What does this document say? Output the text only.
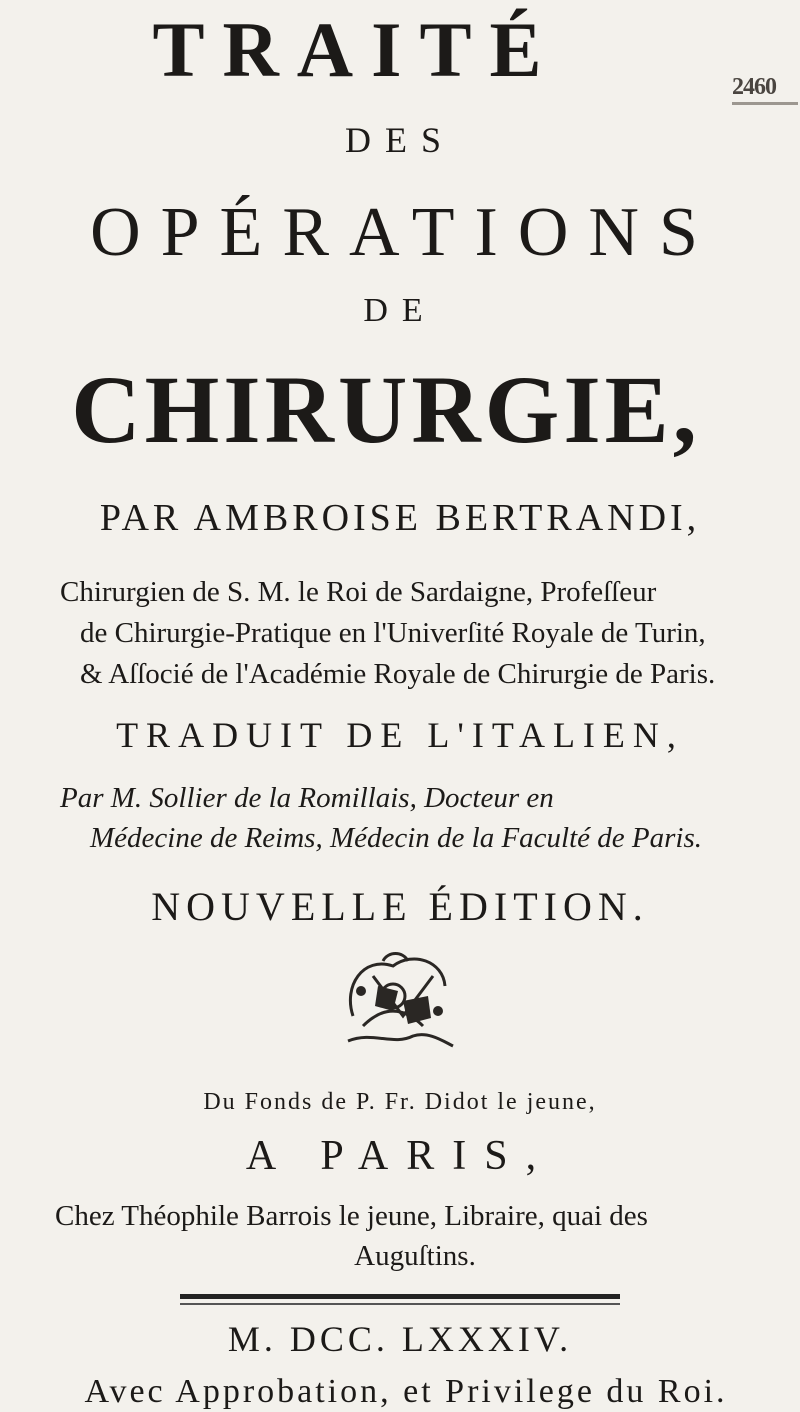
2460
TRAITÉ
DES
OPÉRATIONS
DE
CHIRURGIE,
PAR AMBROISE BERTRANDI,
Chirurgien de S. M. le Roi de Sardaigne, Profeſſeur
de Chirurgie-Pratique en l'Univerſité Royale de Turin,
& Aſſocié de l'Académie Royale de Chirurgie de Paris.
TRADUIT DE L'ITALIEN,
Par M. Sollier de la Romillais, Docteur en
Médecine de Reims, Médecin de la Faculté de Paris.
NOUVELLE ÉDITION.
Du Fonds de P. Fr. Didot le jeune,
A PARIS,
Chez Théophile Barrois le jeune, Libraire, quai des
Auguſtins.
M. DCC. LXXXIV.
Avec Approbation, et Privilege du Roi.
